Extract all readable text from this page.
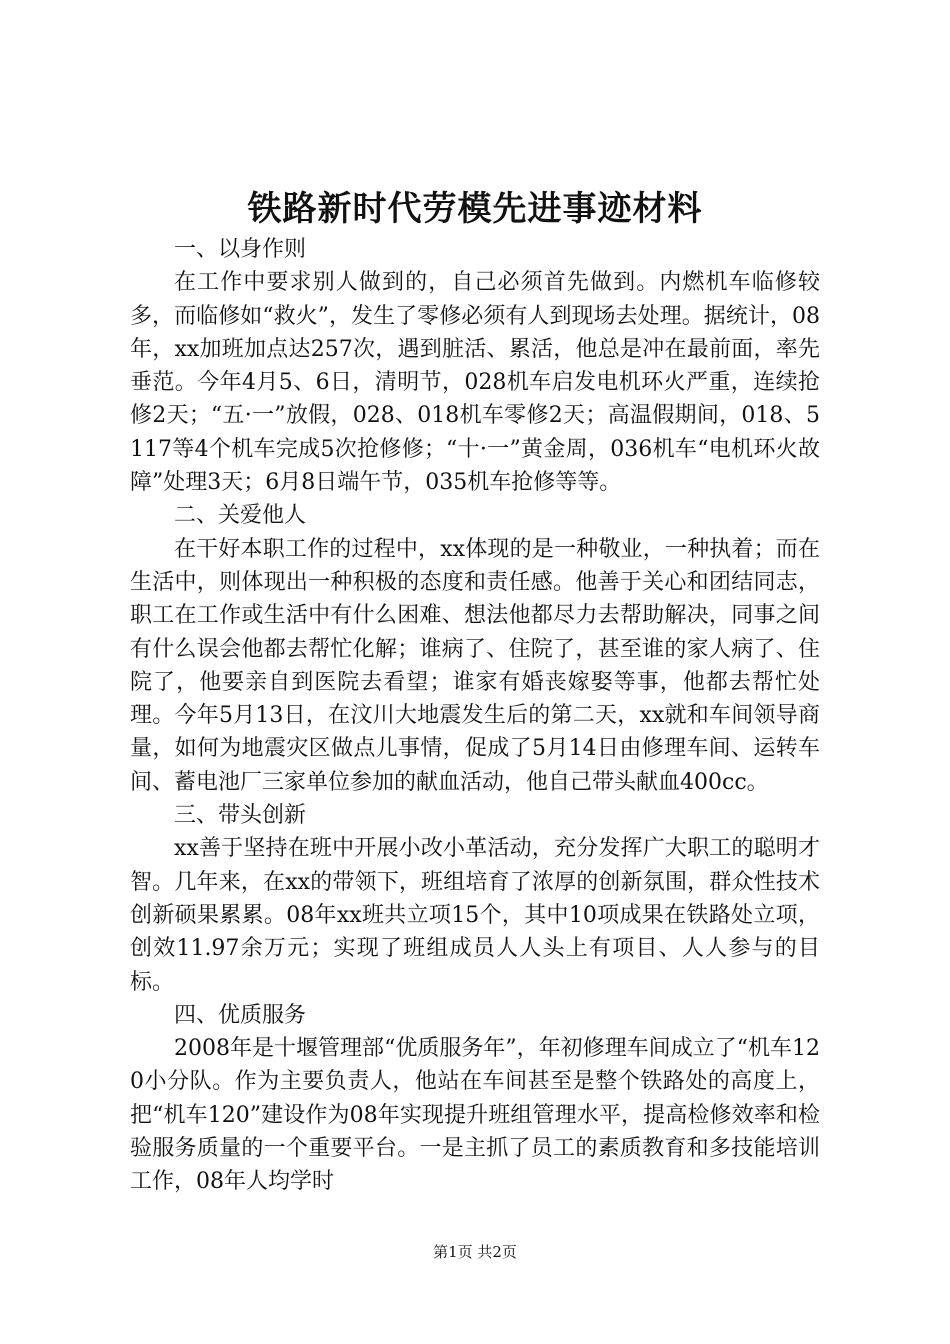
铁路新时代劳模先进事迹材料

一、以身作则

在工作中要求别人做到的，自己必须首先做到。内燃机车临修较多，而临修如“救火”，发生了零修必须有人到现场去处理。据统计，08年，xx加班加点达257次，遇到脏活、累活，他总是冲在最前面，率先垂范。今年4月5、6日，清明节，028机车启发电机环火严重，连续抢修2天；“五·一”放假，028、018机车零修2天；高温假期间，018、5117等4个机车完成5次抢修修；“十·一”黄金周，036机车“电机环火故障”处理3天；6月8日端午节，035机车抢修等等。

二、关爱他人

在干好本职工作的过程中，xx体现的是一种敬业，一种执着；而在生活中，则体现出一种积极的态度和责任感。他善于关心和团结同志，职工在工作或生活中有什么困难、想法他都尽力去帮助解决，同事之间有什么误会他都去帮忙化解；谁病了、住院了，甚至谁的家人病了、住院了，他要亲自到医院去看望；谁家有婚丧嫁娶等事，他都去帮忙处理。今年5月13日，在汶川大地震发生后的第二天，xx就和车间领导商量，如何为地震灾区做点儿事情，促成了5月14日由修理车间、运转车间、蓄电池厂三家单位参加的献血活动，他自己带头献血400cc。

三、带头创新

xx善于坚持在班中开展小改小革活动，充分发挥广大职工的聪明才智。几年来，在xx的带领下，班组培育了浓厚的创新氛围，群众性技术创新硕果累累。08年xx班共立项15个，其中10项成果在铁路处立项，创效11.97余万元；实现了班组成员人人头上有项目、人人参与的目标。

四、优质服务

2008年是十堰管理部“优质服务年”，年初修理车间成立了“机车120小分队。作为主要负责人，他站在车间甚至是整个铁路处的高度上，把“机车120”建设作为08年实现提升班组管理水平，提高检修效率和检验服务质量的一个重要平台。一是主抓了员工的素质教育和多技能培训工作，08年人均学时

第1页 共2页
